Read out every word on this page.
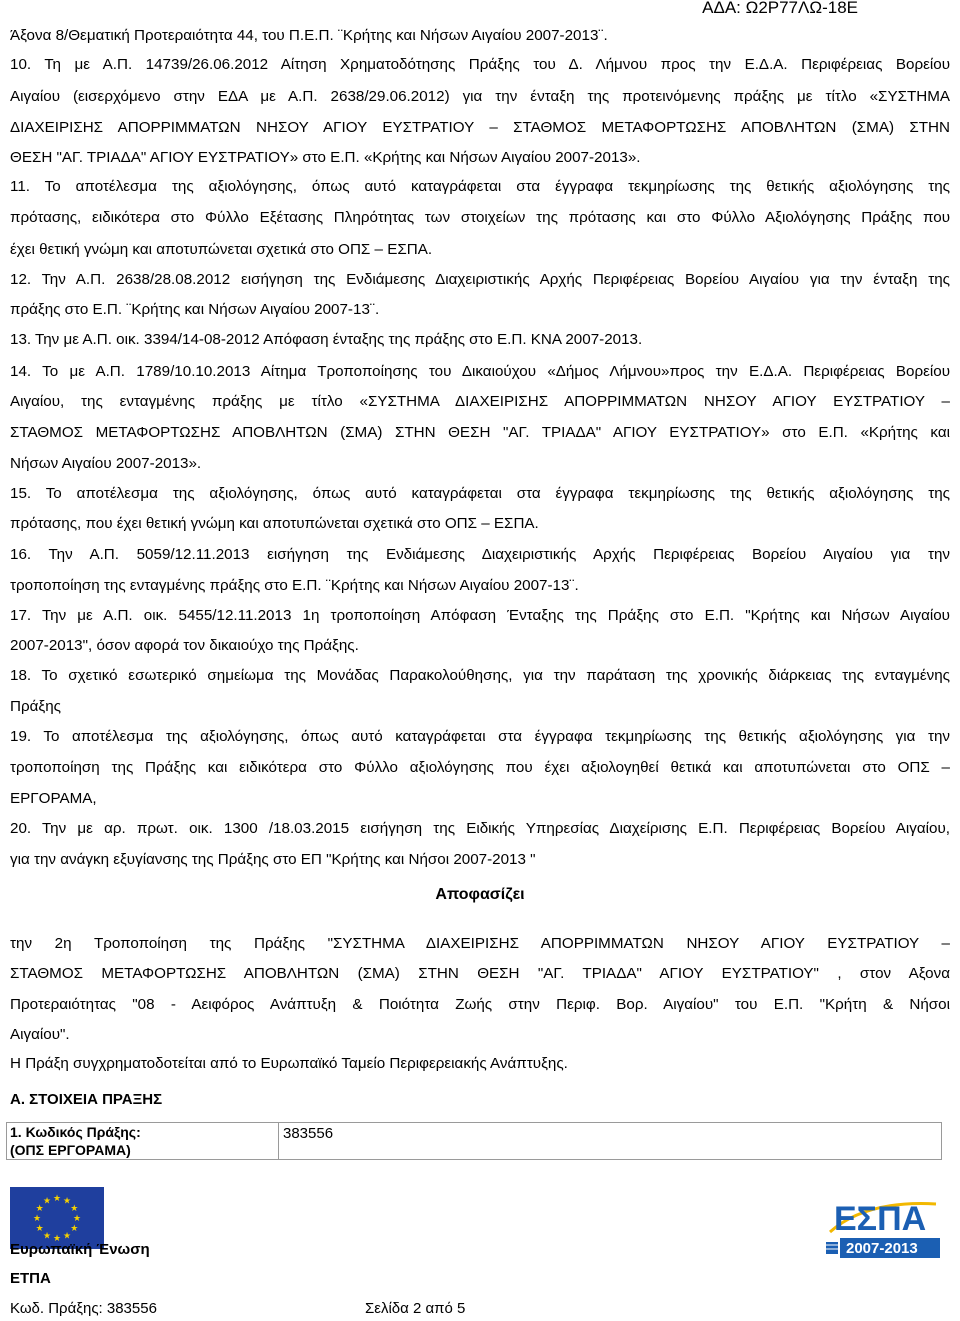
ΑΔΑ: Ω2Ρ77ΛΩ-18Ε
Άξονα 8/Θεματική Προτεραιότητα 44, του Π.Ε.Π. ¨Κρήτης και Νήσων Αιγαίου 2007-2013¨.
10. Τη με Α.Π. 14739/26.06.2012 Αίτηση Χρηματοδότησης Πράξης του Δ. Λήμνου προς την Ε.Δ.Α. Περιφέρειας Βορείου
Αιγαίου (εισερχόμενο στην ΕΔΑ με Α.Π. 2638/29.06.2012) για την ένταξη της προτεινόμενης πράξης με τίτλο «ΣΥΣΤΗΜΑ
ΔΙΑΧΕΙΡΙΣΗΣ ΑΠΟΡΡΙΜΜΑΤΩΝ ΝΗΣΟΥ ΑΓΙΟΥ ΕΥΣΤΡΑΤΙΟΥ – ΣΤΑΘΜΟΣ ΜΕΤΑΦΟΡΤΩΣΗΣ ΑΠΟΒΛΗΤΩΝ (ΣΜΑ) ΣΤΗΝ
ΘΕΣΗ "ΑΓ. ΤΡΙΑΔΑ" ΑΓΙΟΥ ΕΥΣΤΡΑΤΙΟΥ» στο Ε.Π. «Κρήτης και Νήσων Αιγαίου 2007-2013».
11. Το αποτέλεσμα της αξιολόγησης, όπως αυτό καταγράφεται στα έγγραφα τεκμηρίωσης της θετικής αξιολόγησης της
πρότασης, ειδικότερα στο Φύλλο Εξέτασης Πληρότητας των στοιχείων της πρότασης και στο Φύλλο Αξιολόγησης Πράξης που
έχει θετική γνώμη και αποτυπώνεται σχετικά στο ΟΠΣ – ΕΣΠΑ.
12. Την Α.Π. 2638/28.08.2012 εισήγηση της Ενδιάμεσης Διαχειριστικής Αρχής Περιφέρειας Βορείου Αιγαίου για την ένταξη της
πράξης στο Ε.Π. ¨Κρήτης και Νήσων Αιγαίου 2007-13¨.
13. Την με Α.Π. οικ. 3394/14-08-2012 Απόφαση ένταξης της πράξης στο Ε.Π. ΚΝΑ 2007-2013.
14. Το με Α.Π. 1789/10.10.2013 Αίτημα Τροποποίησης του Δικαιούχου «Δήμος Λήμνου»προς την Ε.Δ.Α. Περιφέρειας Βορείου
Αιγαίου, της ενταγμένης πράξης με τίτλο «ΣΥΣΤΗΜΑ ΔΙΑΧΕΙΡΙΣΗΣ ΑΠΟΡΡΙΜΜΑΤΩΝ ΝΗΣΟΥ ΑΓΙΟΥ ΕΥΣΤΡΑΤΙΟΥ –
ΣΤΑΘΜΟΣ ΜΕΤΑΦΟΡΤΩΣΗΣ ΑΠΟΒΛΗΤΩΝ (ΣΜΑ) ΣΤΗΝ ΘΕΣΗ "ΑΓ. ΤΡΙΑΔΑ" ΑΓΙΟΥ ΕΥΣΤΡΑΤΙΟΥ» στο Ε.Π. «Κρήτης και
Νήσων Αιγαίου 2007-2013».
15. Το αποτέλεσμα της αξιολόγησης, όπως αυτό καταγράφεται στα έγγραφα τεκμηρίωσης της θετικής αξιολόγησης της
πρότασης, που έχει θετική γνώμη και αποτυπώνεται σχετικά στο ΟΠΣ – ΕΣΠΑ.
16. Την Α.Π. 5059/12.11.2013 εισήγηση της Ενδιάμεσης Διαχειριστικής Αρχής Περιφέρειας Βορείου Αιγαίου για την
τροποποίηση της ενταγμένης πράξης στο Ε.Π. ¨Κρήτης και Νήσων Αιγαίου 2007-13¨.
17. Την με Α.Π. οικ. 5455/12.11.2013 1η τροποποίηση Απόφαση Ένταξης της Πράξης στο Ε.Π. "Κρήτης και Νήσων Αιγαίου
2007-2013", όσον αφορά τον δικαιούχο της Πράξης.
18. Το σχετικό εσωτερικό σημείωμα της Μονάδας Παρακολούθησης, για την παράταση της χρονικής διάρκειας της ενταγμένης
Πράξης
19. Το αποτέλεσμα της αξιολόγησης, όπως αυτό καταγράφεται στα έγγραφα τεκμηρίωσης της θετικής αξιολόγησης για την
τροποποίηση της Πράξης και ειδικότερα στο Φύλλο αξιολόγησης που έχει αξιολογηθεί θετικά και αποτυπώνεται στο ΟΠΣ –
ΕΡΓΟΡΑΜΑ,
20. Την με αρ. πρωτ. οικ. 1300 /18.03.2015 εισήγηση της Ειδικής Υπηρεσίας Διαχείρισης Ε.Π. Περιφέρειας Βορείου Αιγαίου,
για την ανάγκη εξυγίανσης της Πράξης στο ΕΠ "Κρήτης και Νήσοι 2007-2013 "
Αποφασίζει
την 2η Τροποποίηση της Πράξης "ΣΥΣΤΗΜΑ ΔΙΑΧΕΙΡΙΣΗΣ ΑΠΟΡΡΙΜΜΑΤΩΝ ΝΗΣΟΥ ΑΓΙΟΥ ΕΥΣΤΡΑΤΙΟΥ –
ΣΤΑΘΜΟΣ ΜΕΤΑΦΟΡΤΩΣΗΣ ΑΠΟΒΛΗΤΩΝ (ΣΜΑ) ΣΤΗΝ ΘΕΣΗ "ΑΓ. ΤΡΙΑΔΑ" ΑΓΙΟΥ ΕΥΣΤΡΑΤΙΟΥ" , στον Αξονα
Προτεραιότητας "08 - Αειφόρος Ανάπτυξη & Ποιότητα Ζωής στην Περιφ. Βορ. Αιγαίου" του Ε.Π. "Κρήτη & Νήσοι
Αιγαίου".
Η Πράξη συγχρηματοδοτείται από το Ευρωπαϊκό Ταμείο Περιφερειακής Ανάπτυξης.
Α. ΣΤΟΙΧΕΙΑ ΠΡΑΞΗΣ
1. Κωδικός Πράξης:
(ΟΠΣ ΕΡΓΟΡΑΜΑ)
383556
★ ★
★
★
★
★
★
★
★
★
★
★
Ευρωπαϊκή Ένωση
ΕΤΠΑ
ΕΣΠΑ
2007-2013
Κωδ. Πράξης: 383556	Σελίδα 2 από 5
